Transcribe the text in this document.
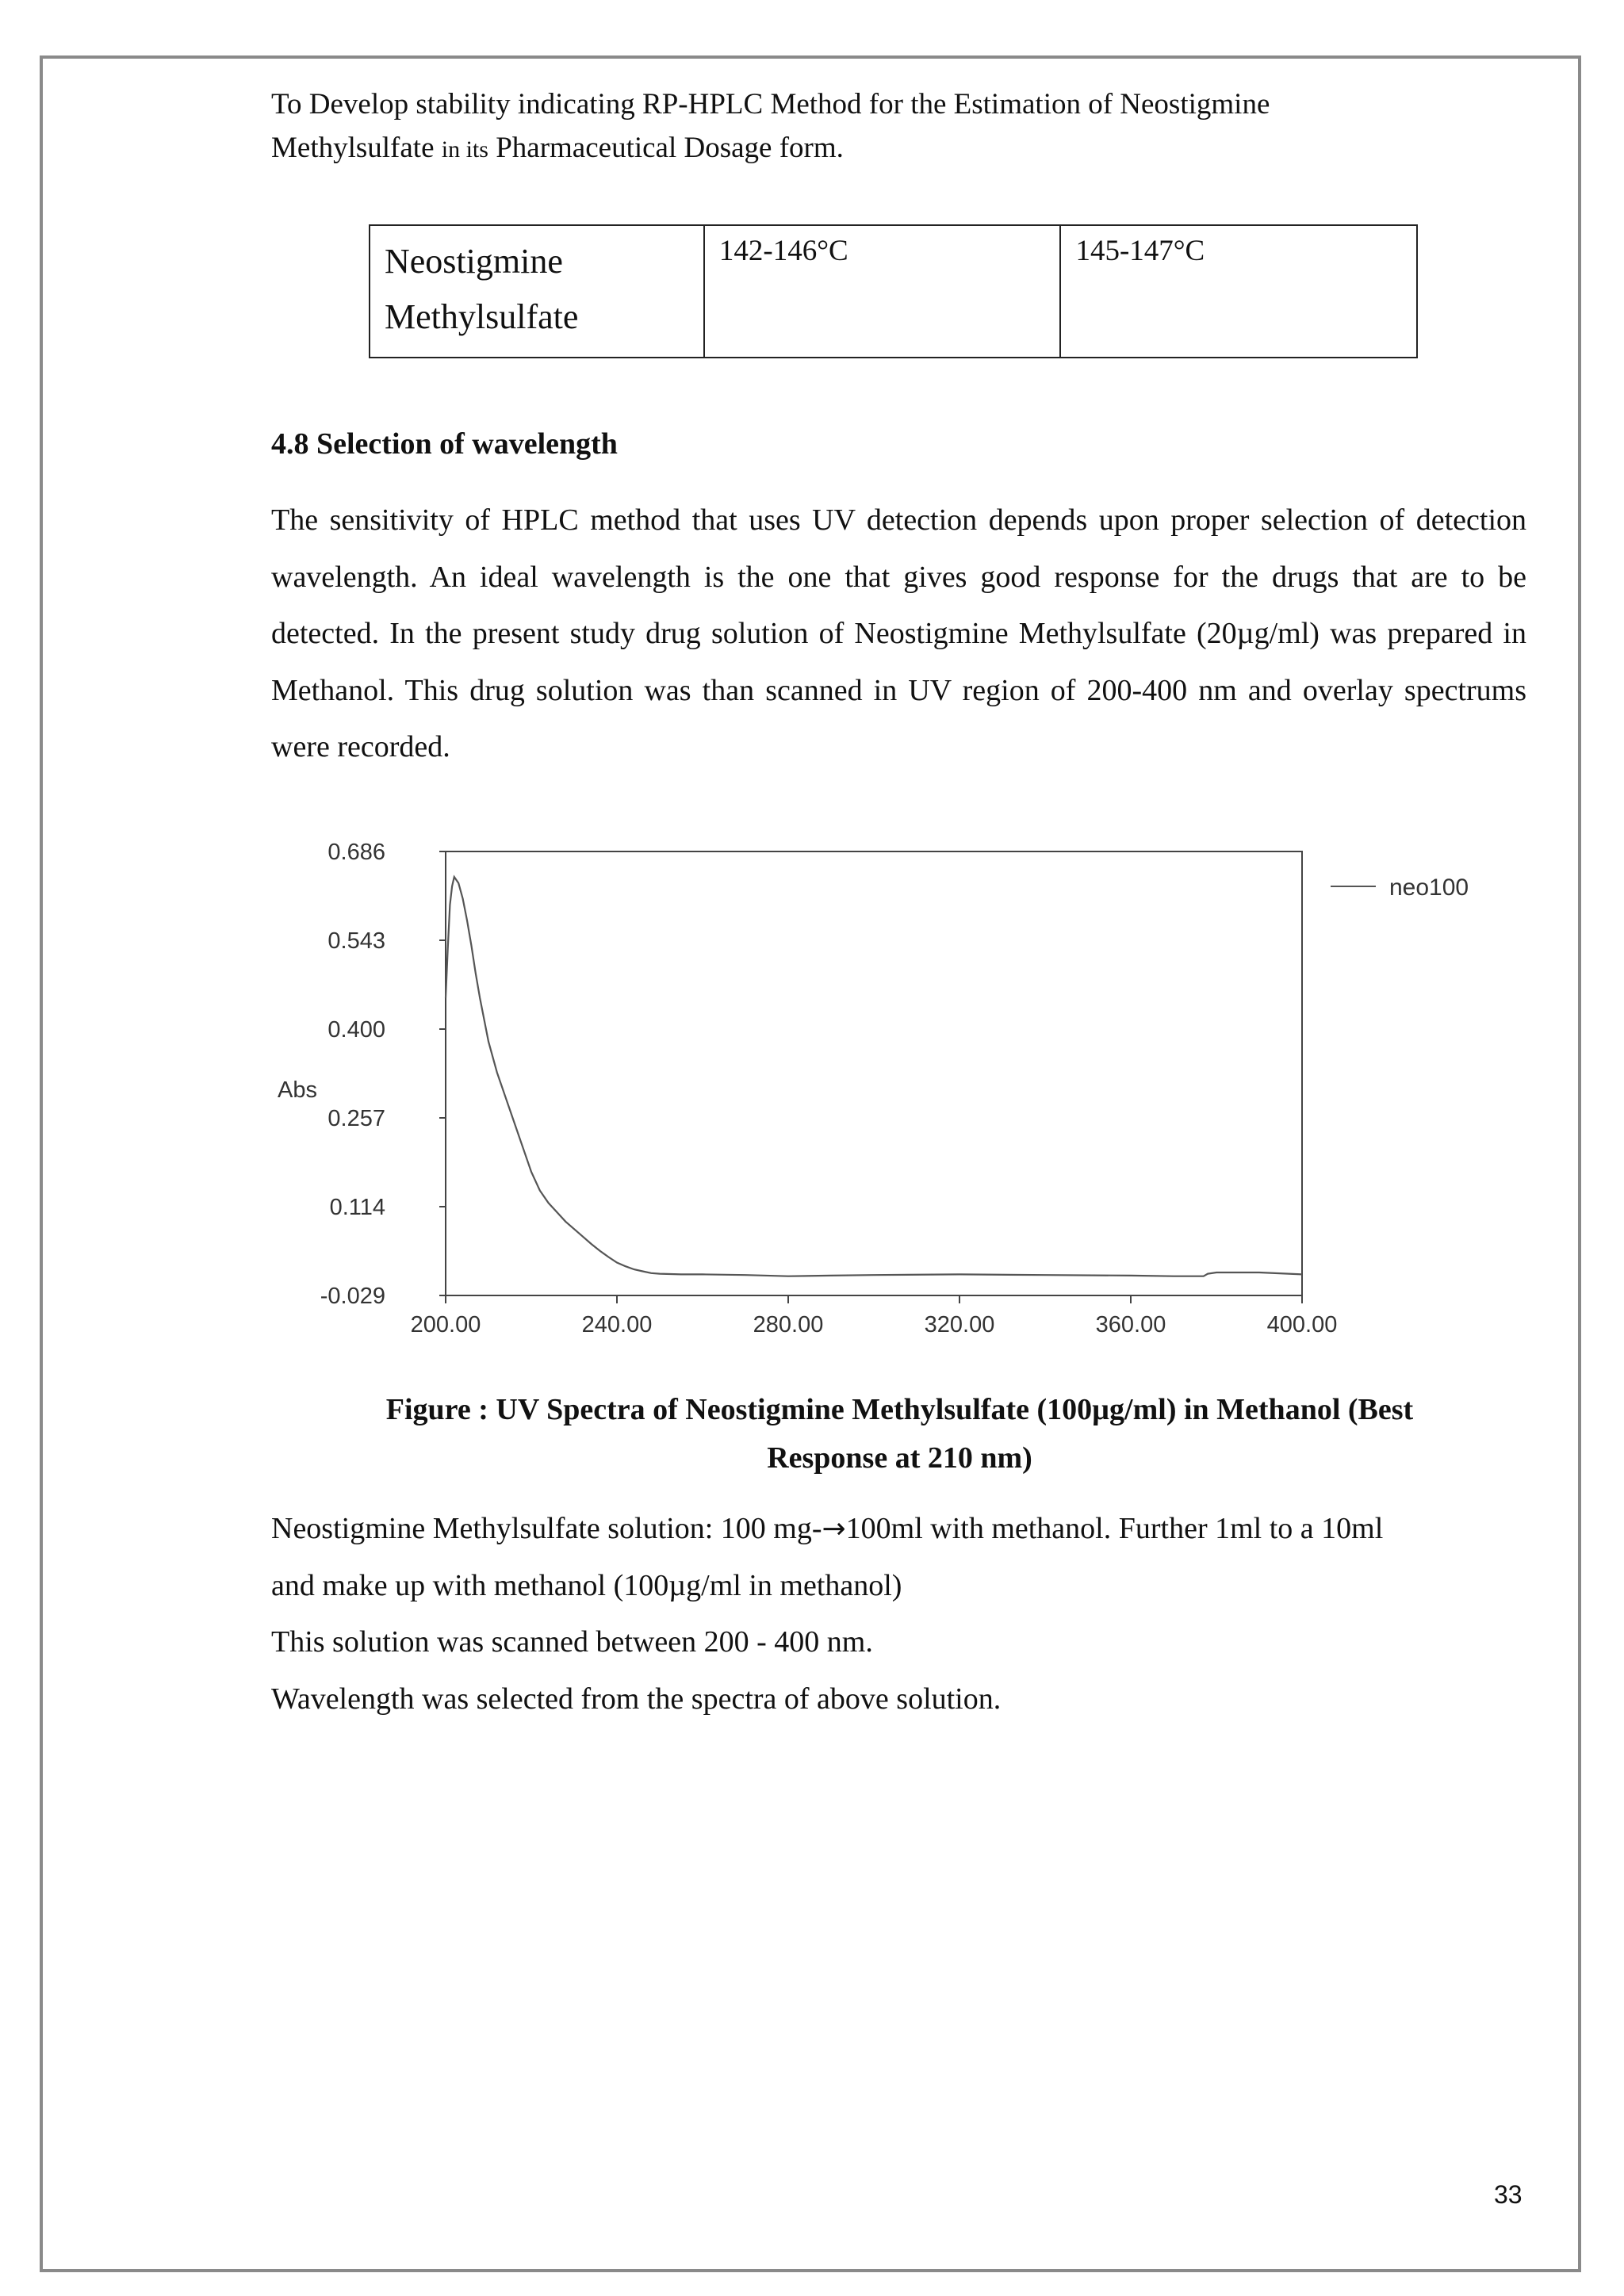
To Develop stability indicating RP-HPLC Method for the Estimation of Neostigmine
Methylsulfate in its Pharmaceutical Dosage form.
Neostigmine
Methylsulfate
	142-146°C	145-147°C
4.8 Selection of wavelength
The sensitivity of HPLC method that uses UV detection depends upon proper selection of detection wavelength. An ideal wavelength is the one that gives good response for the drugs that are to be detected. In the present study drug solution of Neostigmine Methylsulfate (20µg/ml) was prepared in Methanol. This drug solution was than scanned in UV region of 200-400 nm and overlay spectrums were recorded.
0.686
0.543
0.400
0.257
0.114
-0.029
200.00	240.00	280.00	320.00	360.00	400.00
Abs
neo100
Figure : UV Spectra of Neostigmine Methylsulfate (100µg/ml) in Methanol (Best
Response at 210 nm)
Neostigmine Methylsulfate solution: 100 mg-→100ml with methanol. Further 1ml to a 10ml
and make up with methanol (100µg/ml in methanol)
This solution was scanned between 200 - 400 nm.
Wavelength was selected from the spectra of above solution.
33
